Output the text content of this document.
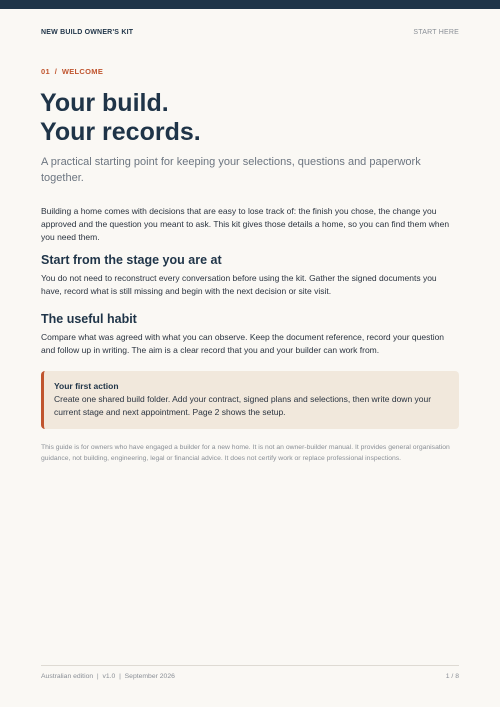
NEW BUILD OWNER'S KIT	START HERE
01  /  WELCOME
Your build.
Your records.

A practical starting point for keeping your selections, questions and paperwork together.

Building a home comes with decisions that are easy to lose track of: the finish you chose, the change you approved and the question you meant to ask. This kit gives those details a home, so you can find them when you need them.

Start from the stage you are at

You do not need to reconstruct every conversation before using the kit. Gather the signed documents you have, record what is still missing and begin with the next decision or site visit.

The useful habit

Compare what was agreed with what you can observe. Keep the document reference, record your question and follow up in writing. The aim is a clear record that you and your builder can work from.

Your first action

Create one shared build folder. Add your contract, signed plans and selections, then write down your current stage and next appointment. Page 2 shows the setup.

This guide is for owners who have engaged a builder for a new home. It is not an owner-builder manual. It provides general organisation guidance, not building, engineering, legal or financial advice. It does not certify work or replace professional inspections.

Australian edition  |  v1.0  |  September 2026	1 / 8
